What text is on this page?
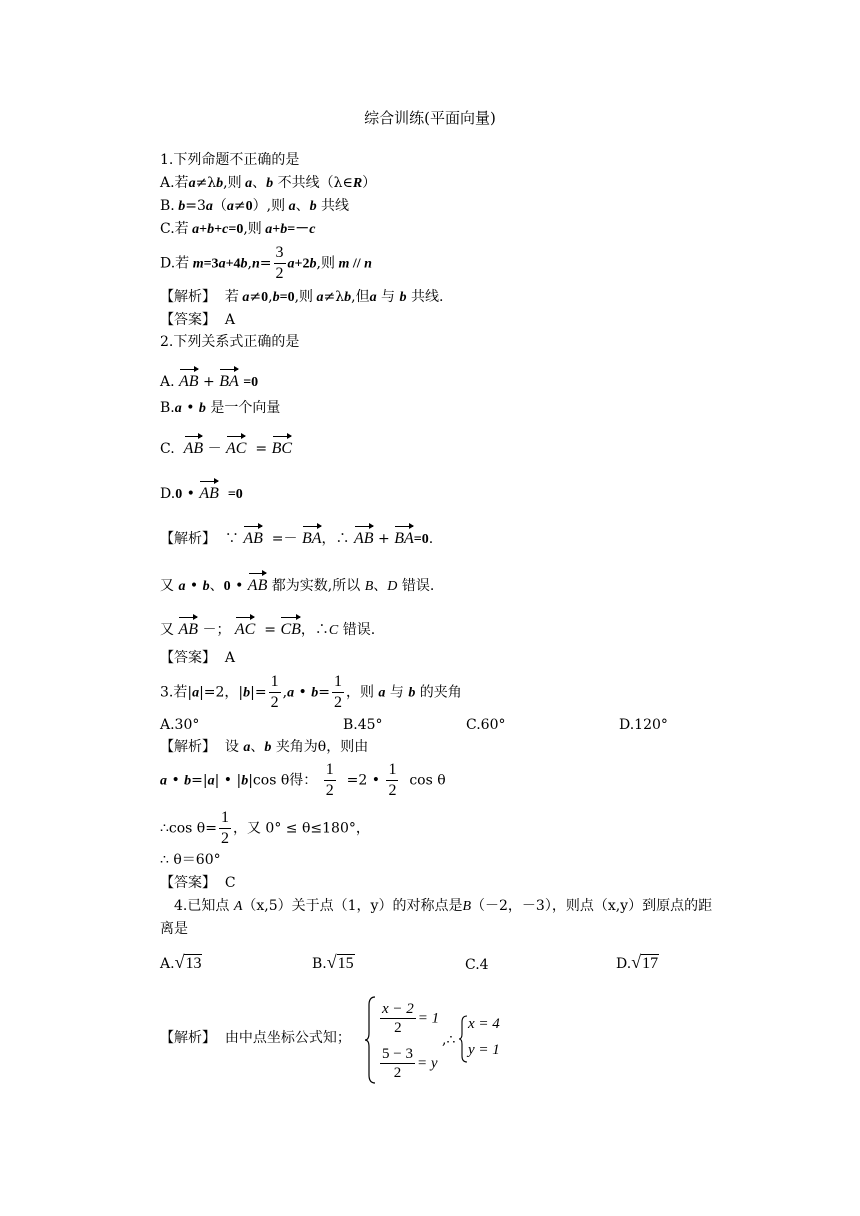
综合训练(平面向量)
1.下列命题不正确的是
A.若a≠λb,则 a、b 不共线（λ∈R）
B. b=3a（a≠0）,则 a、b 共线
C.若 a+b+c=0,则 a+b=－c
D.若 $m=3a+4b,n= \frac{3}{2} a+2b$,则 m // n
【解析】 若 a≠0,b=0,则 a≠λb,但a 与 b 共线.
【答案】 A
2.下列关系式正确的是
A. AB + BA =0
B.a • b 是一个向量
C.  AB － AC  = BC
D.0 • AB =0
【解析】  ∵ AB  =－ BA，∴ AB + BA=0.
又 a • b、0 • AB 都为实数,所以 B、D 错误.
又 AB －； AC  = CB，∴C 错误.
【答案】 A
3.若|a|=2，$|b|= \frac{1}{2} ,a$ • $b= \frac{1}{2}$ ，则 a 与 b 的夹角
A.30°	B.45°	C.60°	D.120°
【解析】 设 a、b 夹角为θ，则由
a • b=|a| • |b|cos θ得： $\frac{1}{2} =2$ • $\frac{1}{2}$ cos θ
∴cos $\theta= \frac{1}{2}$ ，又 0° ≤ θ≤180°，
∴ θ＝60°
【答案】 C
4.已知点 A（x,5）关于点（1，y）的对称点是B（－2，－3），则点（x,y）到原点的距
离是
A.√13	B.√15	C.4	D.√17
【解析】 由中点坐标公式知；
$\frac{x - 2}{2} = 1$
$\frac{5 - 3}{2} = y$
,∴
x = 4
y = 1
